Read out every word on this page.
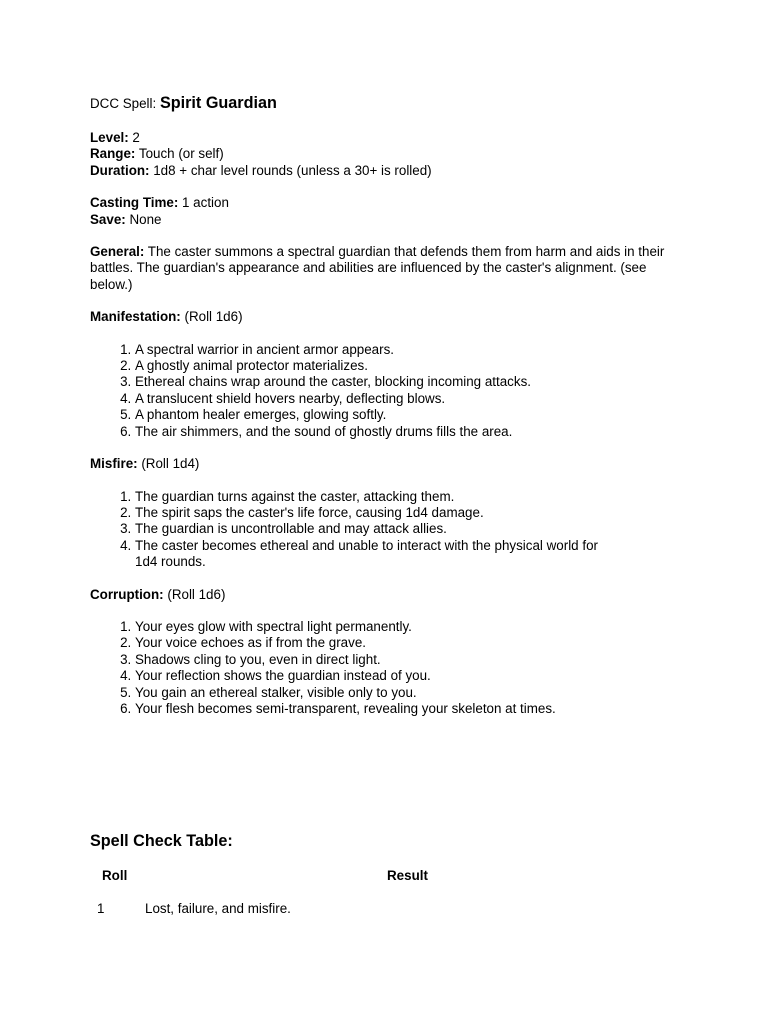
DCC Spell: Spirit Guardian

Level: 2

Range: Touch (or self)

Duration: 1d8 + char level rounds (unless a 30+ is rolled)

Casting Time: 1 action

Save: None

General: The caster summons a spectral guardian that defends them from harm and aids in their battles. The guardian's appearance and abilities are influenced by the caster's alignment. (see below.)

Manifestation: (Roll 1d6)

1. A spectral warrior in ancient armor appears.
2. A ghostly animal protector materializes.
3. Ethereal chains wrap around the caster, blocking incoming attacks.
4. A translucent shield hovers nearby, deflecting blows.
5. A phantom healer emerges, glowing softly.
6. The air shimmers, and the sound of ghostly drums fills the area.

Misfire: (Roll 1d4)

1. The guardian turns against the caster, attacking them.
2. The spirit saps the caster's life force, causing 1d4 damage.
3. The guardian is uncontrollable and may attack allies.
4. The caster becomes ethereal and unable to interact with the physical world for 1d4 rounds.

Corruption: (Roll 1d6)

1. Your eyes glow with spectral light permanently.
2. Your voice echoes as if from the grave.
3. Shadows cling to you, even in direct light.
4. Your reflection shows the guardian instead of you.
5. You gain an ethereal stalker, visible only to you.
6. Your flesh becomes semi-transparent, revealing your skeleton at times.
Spell Check Table:
Roll	Result
1	Lost, failure, and misfire.
